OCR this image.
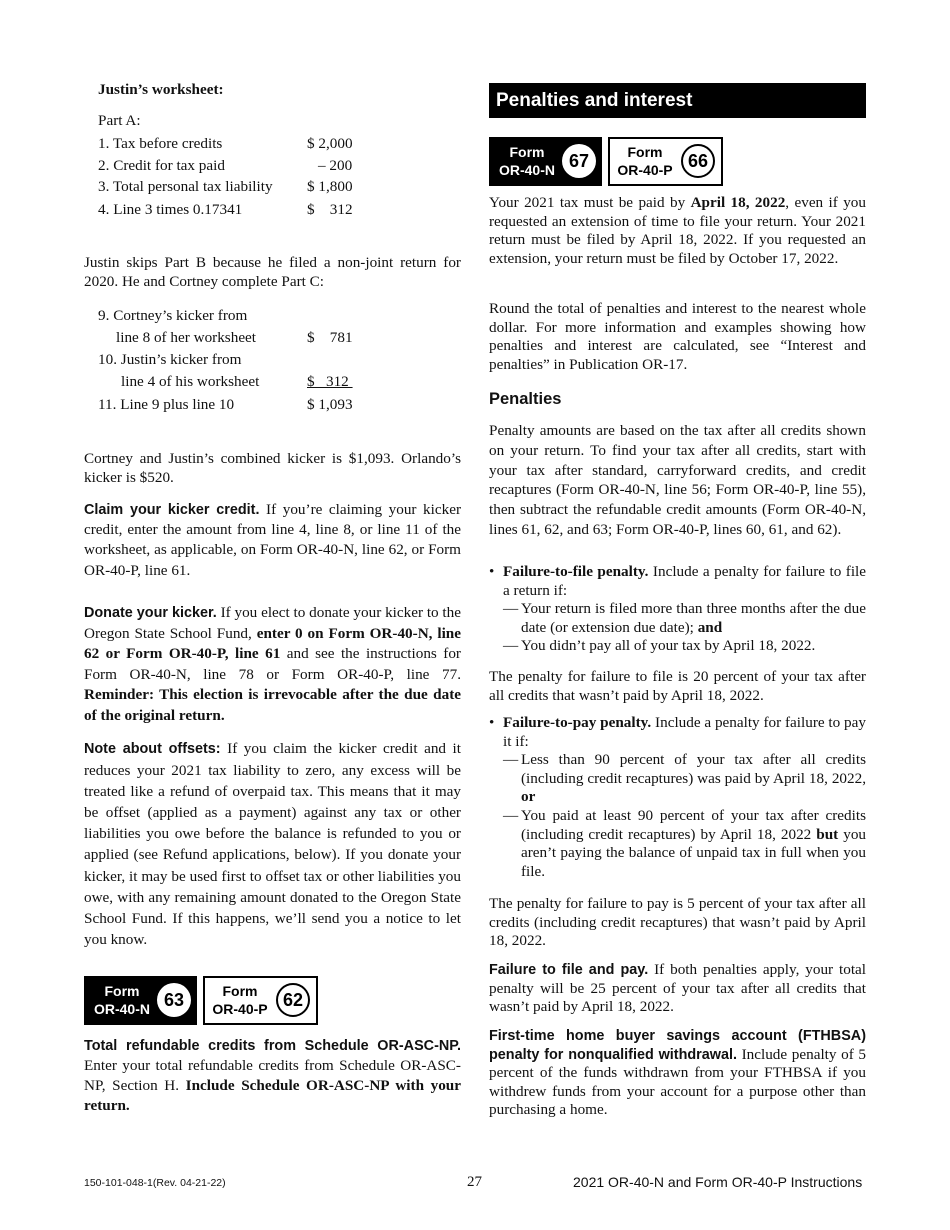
Justin’s worksheet:
Part A:
1. Tax before credits	$ 2,000
2. Credit for tax paid	– 200
3. Total personal tax liability $ 1,800
4. Line 3 times 0.17341	$    312

Justin skips Part B because he filed a non-joint return for 2020. He and Cortney complete Part C:

9. Cortney’s kicker from
line 8 of her worksheet	$    781
10. Justin’s kicker from
line 4 of his worksheet	$   312
11. Line 9 plus line 10	$ 1,093

Cortney and Justin’s combined kicker is $1,093. Orlando’s kicker is $520.

Claim your kicker credit. If you’re claiming your kicker credit, enter the amount from line 4, line 8, or line 11 of the worksheet, as applicable, on Form OR-40-N, line 62, or Form OR-40-P, line 61.

Donate your kicker. If you elect to donate your kicker to the Oregon State School Fund, enter 0 on Form OR-40-N, line 62 or Form OR-40-P, line 61 and see the instructions for Form OR-40-N, line 78 or Form OR-40-P, line 77. Reminder: This election is irrevocable after the due date of the original return.

Note about offsets: If you claim the kicker credit and it reduces your 2021 tax liability to zero, any excess will be treated like a refund of overpaid tax. This means that it may be offset (applied as a payment) against any tax or other liabilities you owe before the balance is refunded to you or applied (see Refund applications, below). If you donate your kicker, it may be used first to offset tax or other liabilities you owe, with any remaining amount donated to the Oregon State School Fund. If this happens, we’ll send you a notice to let you know.

Form
OR-40-N 63	Form
OR-40-P 62

Total refundable credits from Schedule OR-ASC-NP. Enter your total refundable credits from Schedule OR-ASC-NP, Section H. Include Schedule OR-ASC-NP with your return.

Penalties and interest
Form
OR-40-N 67	Form
OR-40-P 66

Your 2021 tax must be paid by April 18, 2022, even if you requested an extension of time to file your return. Your 2021 return must be filed by April 18, 2022. If you requested an extension, your return must be filed by October 17, 2022.

Round the total of penalties and interest to the nearest whole dollar. For more information and examples showing how penalties and interest are calculated, see “Interest and penalties” in Publication OR-17.

Penalties

Penalty amounts are based on the tax after all credits shown on your return. To find your tax after all credits, start with your tax after standard, carryforward credits, and credit recaptures (Form OR-40-N, line 56; Form OR-40-P, line 55), then subtract the refundable credit amounts (Form OR-40-N, lines 61, 62, and 63; Form OR-40-P, lines 60, 61, and 62).

• Failure-to-file penalty. Include a penalty for failure to file a return if:
— Your return is filed more than three months after the due date (or extension due date); and
— You didn’t pay all of your tax by April 18, 2022.

The penalty for failure to file is 20 percent of your tax after all credits that wasn’t paid by April 18, 2022.

• Failure-to-pay penalty. Include a penalty for failure to pay it if:
— Less than 90 percent of your tax after all credits (including credit recaptures) was paid by April 18, 2022, or
— You paid at least 90 percent of your tax after credits (including credit recaptures) by April 18, 2022 but you aren’t paying the balance of unpaid tax in full when you file.

The penalty for failure to pay is 5 percent of your tax after all credits (including credit recaptures) that wasn’t paid by April 18, 2022.

Failure to file and pay. If both penalties apply, your total penalty will be 25 percent of your tax after all credits that wasn’t paid by April 18, 2022.

First-time home buyer savings account (FTHBSA) penalty for nonqualified withdrawal. Include penalty of 5 percent of the funds withdrawn from your FTHBSA if you withdrew funds from your account for a purpose other than purchasing a home.

150-101-048-1(Rev. 04-21-22)	27	2021 OR-40-N and Form OR-40-P Instructions
